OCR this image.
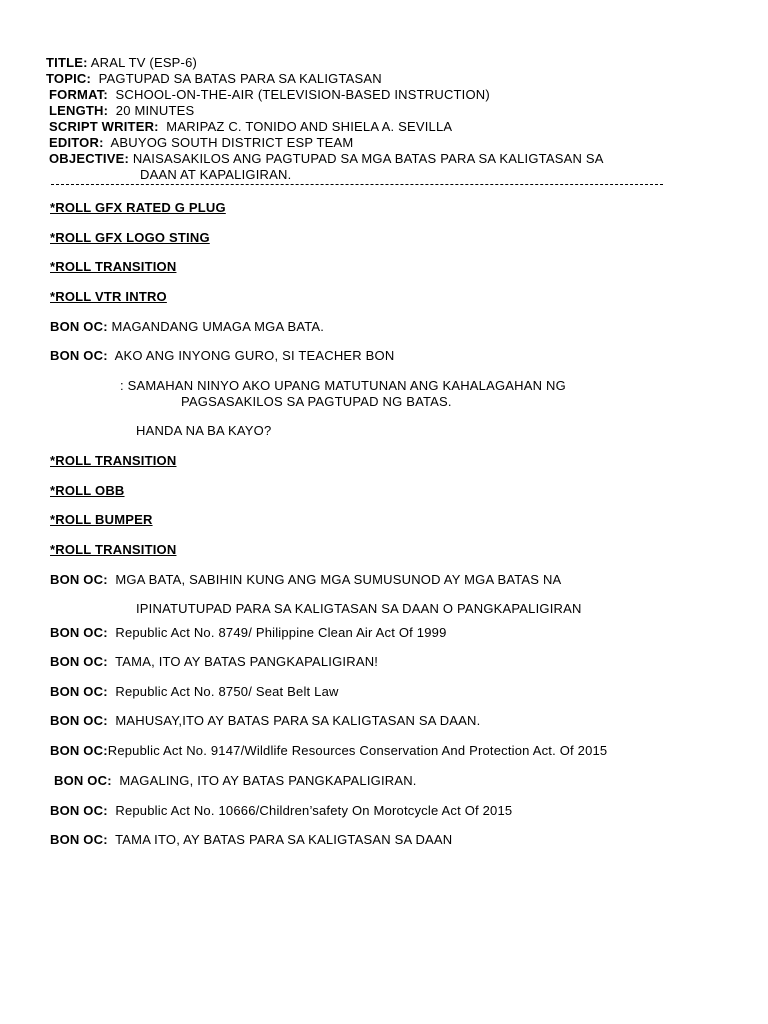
TITLE: ARAL TV (ESP-6)
TOPIC:  PAGTUPAD SA BATAS PARA SA KALIGTASAN
FORMAT:  SCHOOL-ON-THE-AIR (TELEVISION-BASED INSTRUCTION)
LENGTH:  20 MINUTES
SCRIPT WRITER:  MARIPAZ C. TONIDO AND SHIELA A. SEVILLA
EDITOR:  ABUYOG SOUTH DISTRICT ESP TEAM
OBJECTIVE: NAISASAKILOS ANG PAGTUPAD SA MGA BATAS PARA SA KALIGTASAN SA
DAAN AT KAPALIGIRAN.
*ROLL GFX RATED G PLUG
*ROLL GFX LOGO STING
*ROLL TRANSITION
*ROLL VTR INTRO
BON OC: MAGANDANG UMAGA MGA BATA.
BON OC:  AKO ANG INYONG GURO, SI TEACHER BON
: SAMAHAN NINYO AKO UPANG MATUTUNAN ANG KAHALAGAHAN NG
PAGSASAKILOS SA PAGTUPAD NG BATAS.
HANDA NA BA KAYO?
*ROLL TRANSITION
*ROLL OBB
*ROLL BUMPER
*ROLL TRANSITION
BON OC:  MGA BATA, SABIHIN KUNG ANG MGA SUMUSUNOD AY MGA BATAS NA
IPINATUTUPAD PARA SA KALIGTASAN SA DAAN O PANGKAPALIGIRAN
BON OC:  Republic Act No. 8749/ Philippine Clean Air Act Of 1999
BON OC:  TAMA, ITO AY BATAS PANGKAPALIGIRAN!
BON OC:  Republic Act No. 8750/ Seat Belt Law
BON OC:  MAHUSAY,ITO AY BATAS PARA SA KALIGTASAN SA DAAN.
BON OC:Republic Act No. 9147/Wildlife Resources Conservation And Protection Act. Of 2015
BON OC:  MAGALING, ITO AY BATAS PANGKAPALIGIRAN.
BON OC:  Republic Act No. 10666/Children’safety On Morotcycle Act Of 2015
BON OC:  TAMA ITO, AY BATAS PARA SA KALIGTASAN SA DAAN
